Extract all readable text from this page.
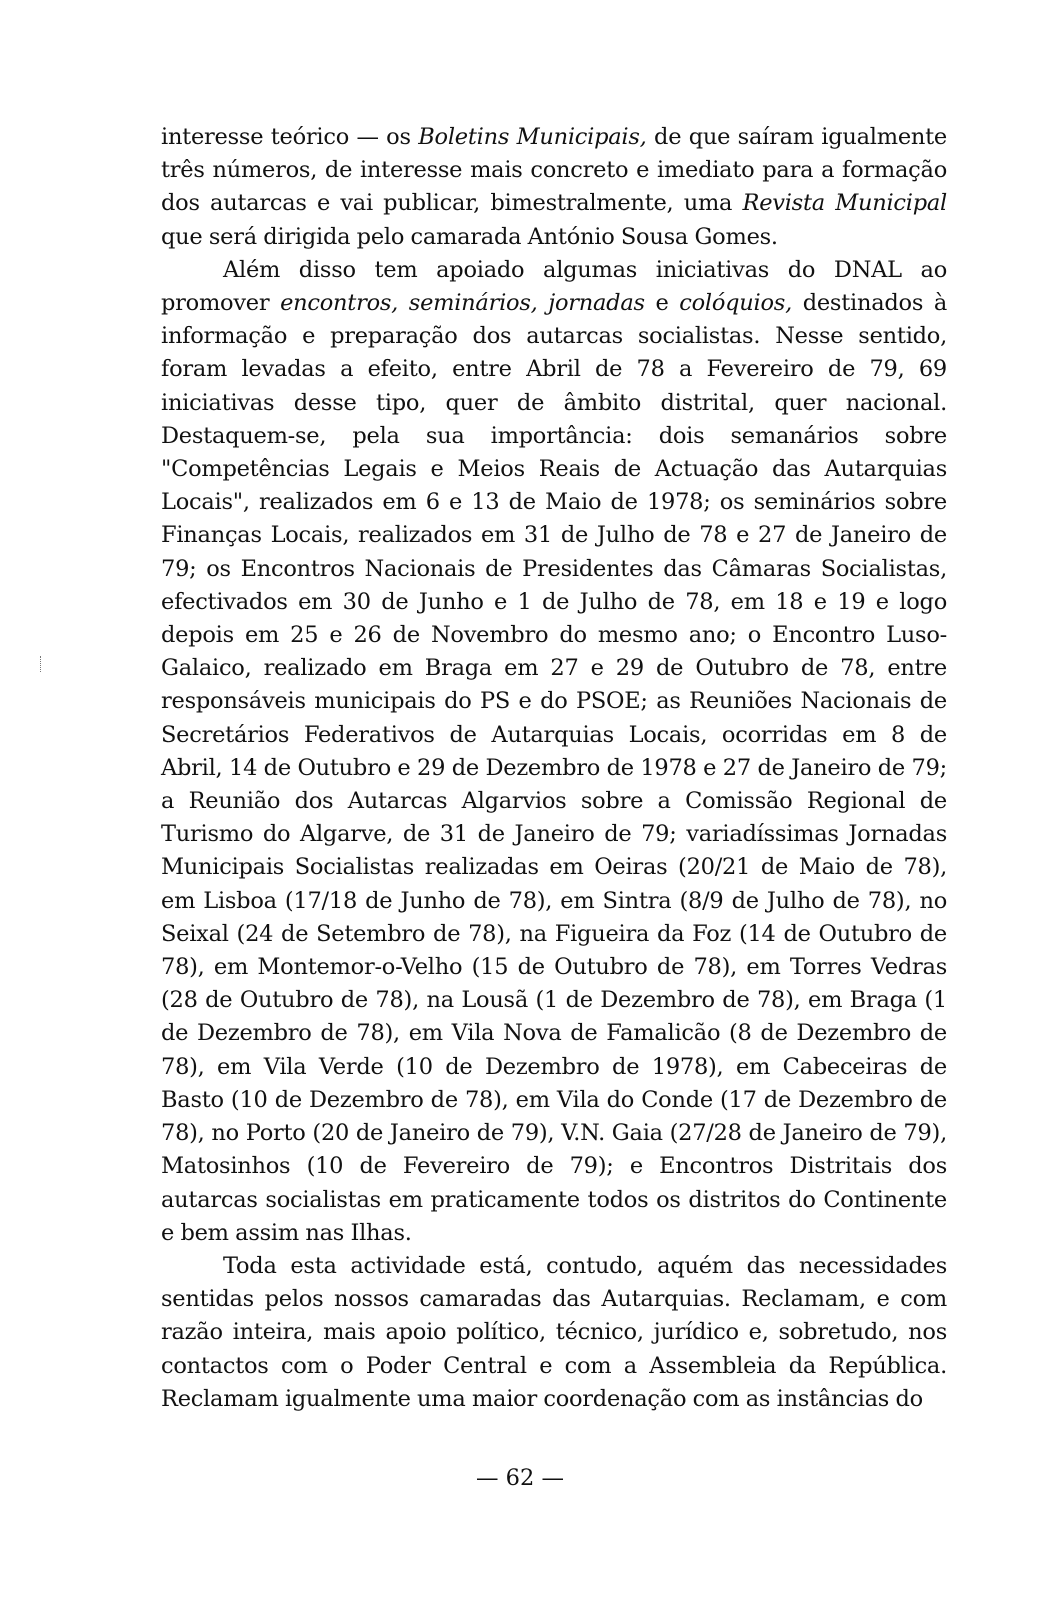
interesse teórico — os Boletins Municipais, de que saíram igualmente três números, de interesse mais concreto e imediato para a formação dos autarcas e vai publicar, bimestralmente, uma Revista Municipal que será dirigida pelo camarada António Sousa Gomes.

Além disso tem apoiado algumas iniciativas do DNAL ao promover encontros, seminários, jornadas e colóquios, destinados à informação e preparação dos autarcas socialistas. Nesse sentido, foram levadas a efeito, entre Abril de 78 a Fevereiro de 79, 69 iniciativas desse tipo, quer de âmbito distrital, quer nacional. Destaquem-se, pela sua importância: dois semanários sobre "Competências Legais e Meios Reais de Actuação das Autarquias Locais", realizados em 6 e 13 de Maio de 1978; os seminários sobre Finanças Locais, realizados em 31 de Julho de 78 e 27 de Janeiro de 79; os Encontros Nacionais de Presidentes das Câmaras Socialistas, efectivados em 30 de Junho e 1 de Julho de 78, em 18 e 19 e logo depois em 25 e 26 de Novembro do mesmo ano; o Encontro Luso-Galaico, realizado em Braga em 27 e 29 de Outubro de 78, entre responsáveis municipais do PS e do PSOE; as Reuniões Nacionais de Secretários Federativos de Autarquias Locais, ocorridas em 8 de Abril, 14 de Outubro e 29 de Dezembro de 1978 e 27 de Janeiro de 79; a Reunião dos Autarcas Algarvios sobre a Comissão Regional de Turismo do Algarve, de 31 de Janeiro de 79; variadíssimas Jornadas Municipais Socialistas realizadas em Oeiras (20/21 de Maio de 78), em Lisboa (17/18 de Junho de 78), em Sintra (8/9 de Julho de 78), no Seixal (24 de Setembro de 78), na Figueira da Foz (14 de Outubro de 78), em Montemor-o-Velho (15 de Outubro de 78), em Torres Vedras (28 de Outubro de 78), na Lousã (1 de Dezembro de 78), em Braga (1 de Dezembro de 78), em Vila Nova de Famalicão (8 de Dezembro de 78), em Vila Verde (10 de Dezembro de 1978), em Cabeceiras de Basto (10 de Dezembro de 78), em Vila do Conde (17 de Dezembro de 78), no Porto (20 de Janeiro de 79), V.N. Gaia (27/28 de Janeiro de 79), Matosinhos (10 de Fevereiro de 79); e Encontros Distritais dos autarcas socialistas em praticamente todos os distritos do Continente e bem assim nas Ilhas.

Toda esta actividade está, contudo, aquém das necessidades sentidas pelos nossos camaradas das Autarquias. Reclamam, e com razão inteira, mais apoio político, técnico, jurídico e, sobretudo, nos contactos com o Poder Central e com a Assembleia da República. Reclamam igualmente uma maior coordenação com as instâncias do

— 62 —
